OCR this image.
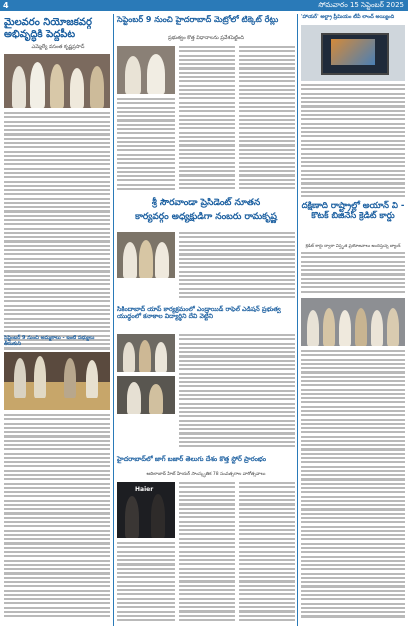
4	సోమవారం 15 సెప్టెంబర్ 2025
మైలవరం నియోజకవర్గ అభివృద్ధికి పెద్దపీట
ఎమ్మెల్యే వసంత కృష్ణప్రసాద్

సెప్టెంబర్ 9 నుంచి అమ్మకాలు - ఇంటి సభ్యులు తీసుకుని

సెప్టెంబర్ 9 నుంచి హైదరాబాద్ మెట్రోలో టిక్కెట్ రేట్లు
ప్రభుత్వం కొత్త విధానాలను ప్రవేశపెట్టింది

శ్రీ సౌరవాండా ప్రెసిడెంట్ నూతన
కార్యవర్గం అధ్యక్షుడిగా నంబరు రామకృష్ణ

సికిందాబాద్ యాప్ కార్యక్రమంలో ఎండ్రాయిడ్ రాఫెల్ ఎడిషన్ ప్రభుత్వ యుద్ధంలో కనాకాల విద్యార్థిని దేవి వెట్టిని

హైదరాబాద్‌లో జాగ్ బజార్ తెలుగు దేశం కొత్త స్టోర్ ప్రారంభం
ఆదిలాబాద్ హిట్ హేయర్ సాంస్కృతిక 78 సంవత్సరాల వారోత్సవాలు
Haier

'హాయర్' అల్ట్రా ప్రీమియం టీవీ లాంచ్ అయ్యింది

దక్షిణాది రాష్ట్రాల్లో అయాన్ వి - కొటక్ బిజినెస్ క్రెడిట్ కార్డు
క్రెడిట్ కార్డు ద్వారా విస్తృత ప్రయోజనాలు అందిస్తున్న బ్యాంక్
